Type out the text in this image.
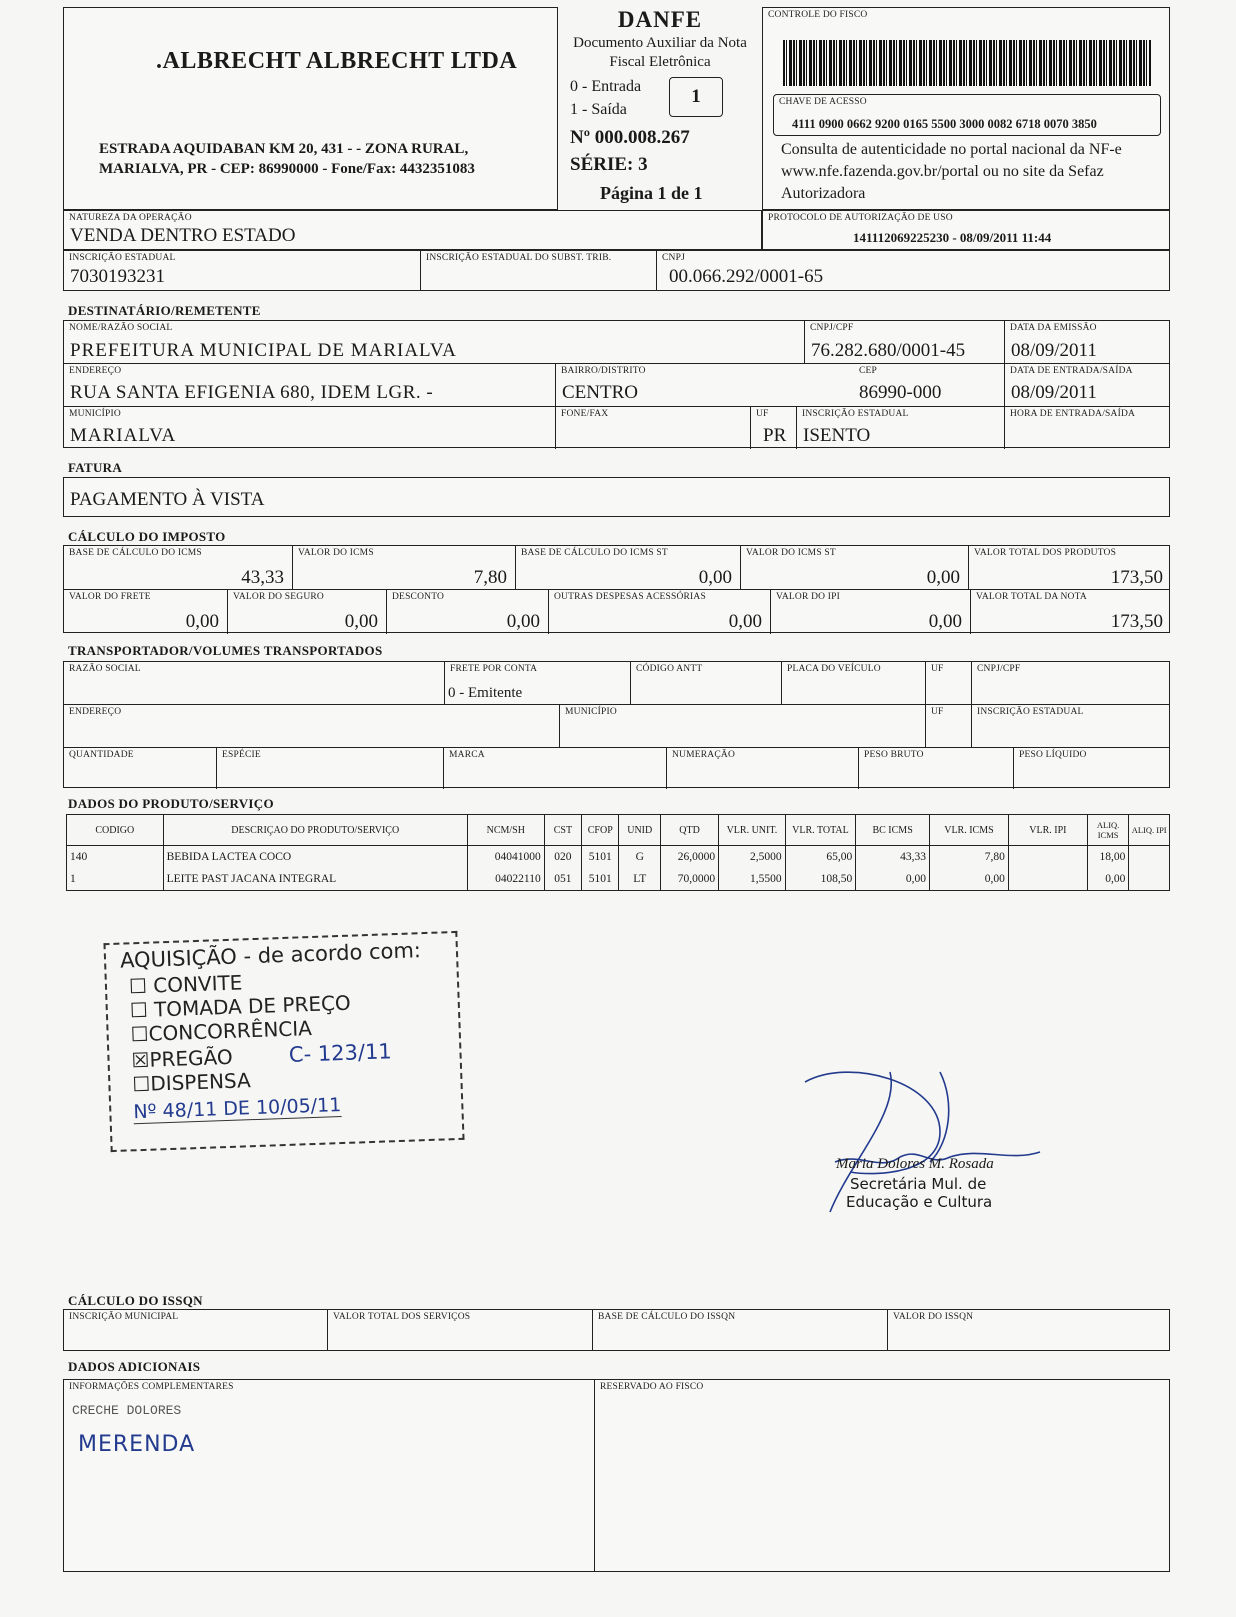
.ALBRECHT ALBRECHT LTDA
ESTRADA AQUIDABAN KM 20, 431 - - ZONA RURAL,
MARIALVA, PR - CEP: 86990000 - Fone/Fax: 4432351083
DANFE
Documento Auxiliar da Nota
Fiscal Eletrônica
0 - Entrada
1 - Saída
1
Nº 000.008.267
SÉRIE: 3
Página 1 de 1
CONTROLE DO FISCO
CHAVE DE ACESSO
4111 0900 0662 9200 0165 5500 3000 0082 6718 0070 3850
Consulta de autenticidade no portal nacional da NF-e www.nfe.fazenda.gov.br/portal ou no site da Sefaz Autorizadora
NATUREZA DA OPERAÇÃO
VENDA DENTRO ESTADO
PROTOCOLO DE AUTORIZAÇÃO DE USO
141112069225230 - 08/09/2011 11:44
INSCRIÇÃO ESTADUAL
7030193231
INSCRIÇÃO ESTADUAL DO SUBST. TRIB.	CNPJ
00.066.292/0001-65
DESTINATÁRIO/REMETENTE
NOME/RAZÃO SOCIAL
PREFEITURA MUNICIPAL DE MARIALVA
CNPJ/CPF
76.282.680/0001-45
DATA DA EMISSÃO
08/09/2011
ENDEREÇO
RUA SANTA EFIGENIA 680, IDEM LGR. -
BAIRRO/DISTRITO
CENTRO
CEP
86990-000
DATA DE ENTRADA/SAÍDA
08/09/2011
MUNICÍPIO
MARIALVA
FONE/FAX	UF
PR
INSCRIÇÃO ESTADUAL
ISENTO
HORA DE ENTRADA/SAÍDA
FATURA
PAGAMENTO À VISTA
CÁLCULO DO IMPOSTO
BASE DE CÁLCULO DO ICMS
43,33
VALOR DO ICMS
7,80
BASE DE CÁLCULO DO ICMS ST
0,00
VALOR DO ICMS ST
0,00
VALOR TOTAL DOS PRODUTOS
173,50
VALOR DO FRETE
0,00
VALOR DO SEGURO
0,00
DESCONTO
0,00
OUTRAS DESPESAS ACESSÓRIAS
0,00
VALOR DO IPI
0,00
VALOR TOTAL DA NOTA
173,50
TRANSPORTADOR/VOLUMES TRANSPORTADOS
RAZÃO SOCIAL	FRETE POR CONTA
0 - Emitente
CÓDIGO ANTT	PLACA DO VEÍCULO	UF	CNPJ/CPF
ENDEREÇO	MUNICÍPIO	UF	INSCRIÇÃO ESTADUAL
QUANTIDADE	ESPÉCIE	MARCA	NUMERAÇÃO	PESO BRUTO	PESO LÍQUIDO
DADOS DO PRODUTO/SERVIÇO
CODIGO	DESCRIÇAO DO PRODUTO/SERVIÇO	NCM/SH	CST	CFOP	UNID	QTD	VLR. UNIT.	VLR. TOTAL	BC ICMS	VLR. ICMS	VLR. IPI	ALIQ. ICMS	ALIQ. IPI
140	BEBIDA LACTEA COCO	04041000	020	5101	G	26,0000	2,5000	65,00	43,33	7,80		18,00	
1	LEITE PAST JACANA INTEGRAL	04022110	051	5101	LT	70,0000	1,5500	108,50	0,00	0,00		0,00	
AQUISIÇÃO - de acordo com:
☐ CONVITE
☐ TOMADA DE PREÇO
☐CONCORRÊNCIA
☒PREGÃO	C- 123/11
☐DISPENSA
Nº 48/11 DE 10/05/11
Maria Dolores M. Rosada
Secretária Mul. de
Educação e Cultura
CÁLCULO DO ISSQN
INSCRIÇÃO MUNICIPAL	VALOR TOTAL DOS SERVIÇOS	BASE DE CÁLCULO DO ISSQN	VALOR DO ISSQN
DADOS ADICIONAIS
INFORMAÇÕES COMPLEMENTARES
CRECHE DOLORES
MERENDA
RESERVADO AO FISCO
